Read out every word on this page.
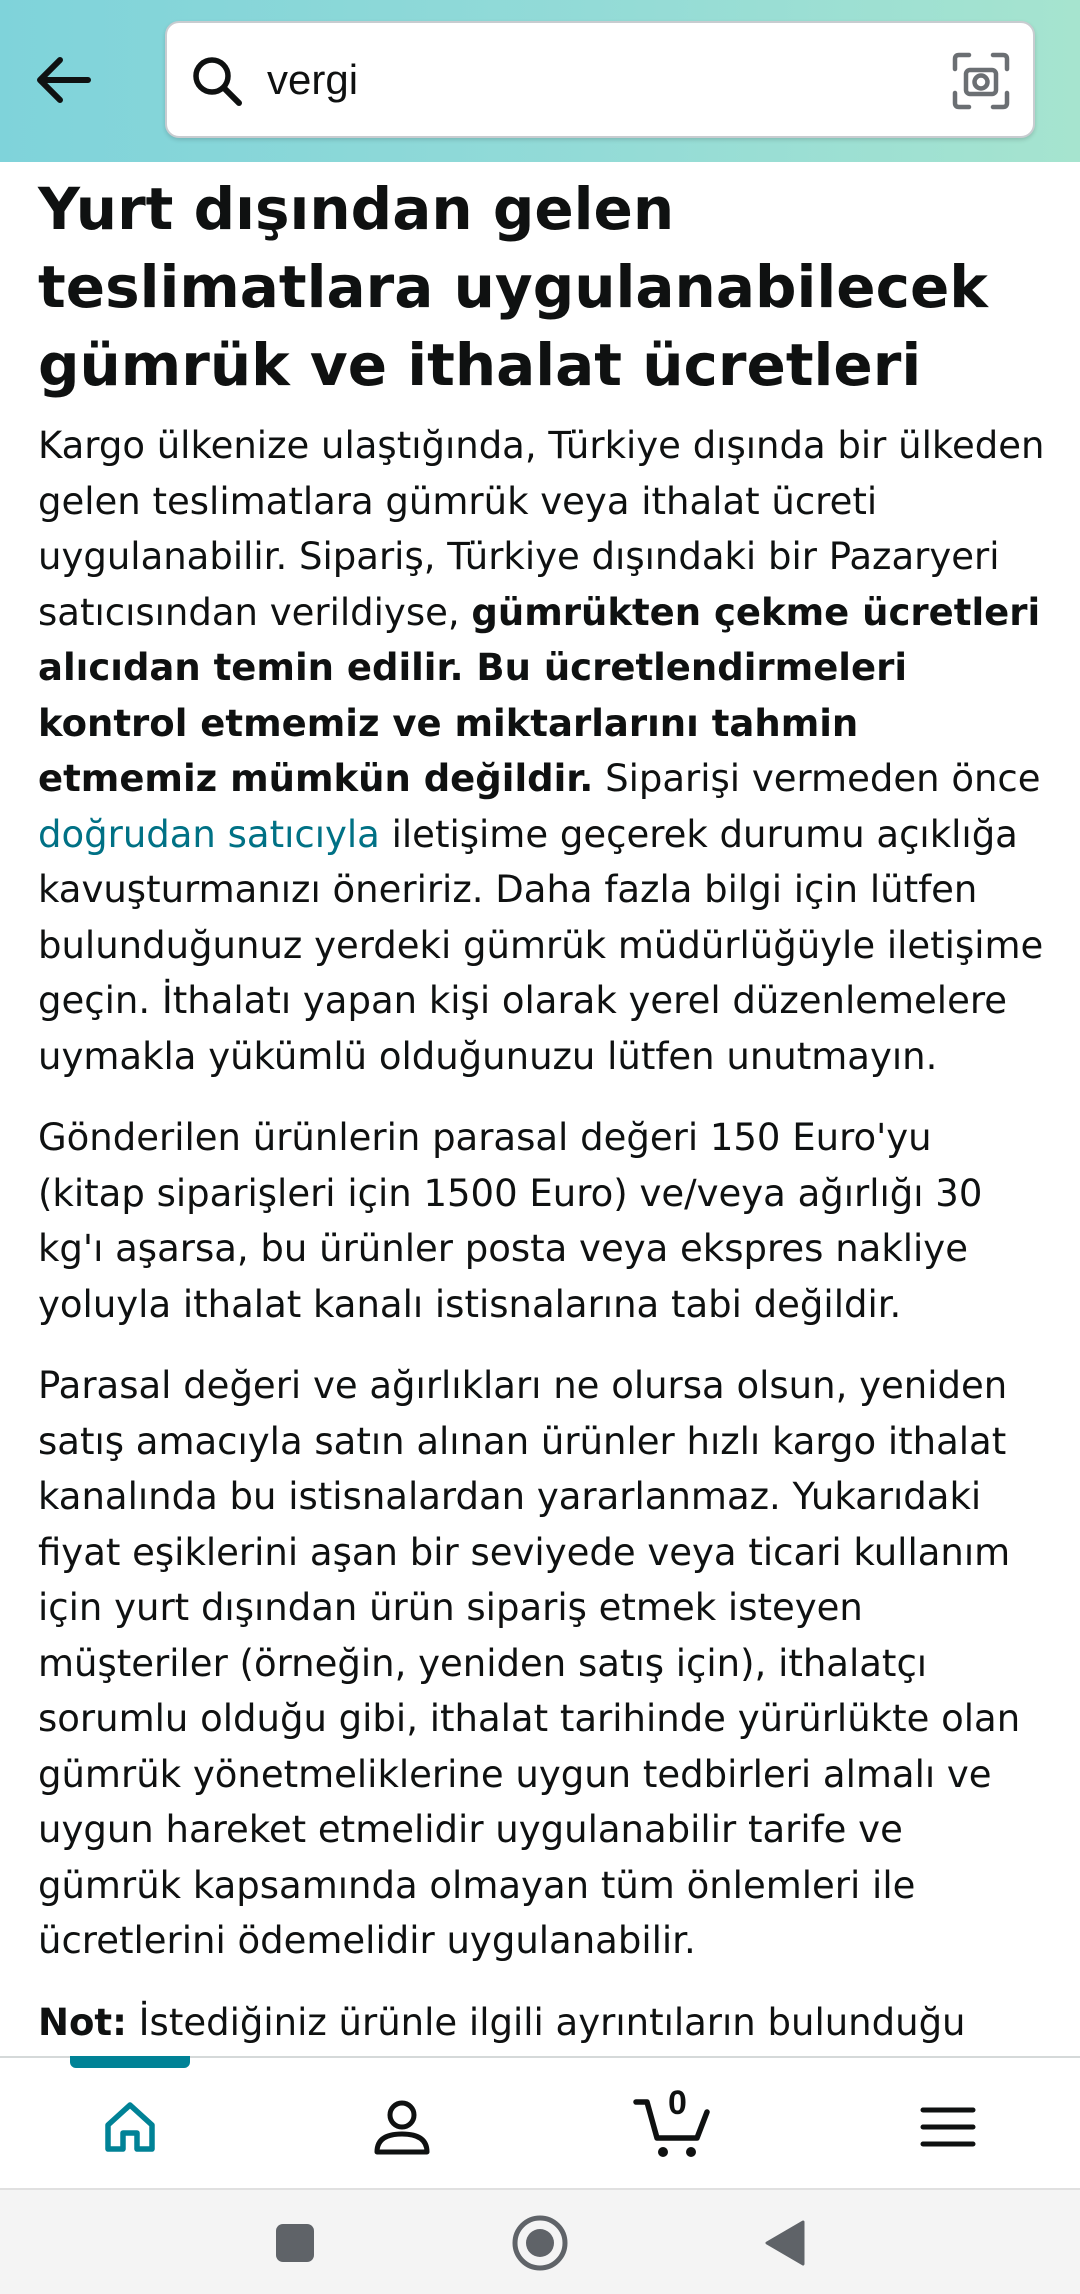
vergi
Yurt dışından gelen teslimatlara uygulanabilecek gümrük ve ithalat ücretleri

Kargo ülkenize ulaştığında, Türkiye dışında bir ülkeden gelen teslimatlara gümrük veya ithalat ücreti uygulanabilir. Sipariş, Türkiye dışındaki bir Pazaryeri satıcısından verildiyse, gümrükten çekme ücretleri alıcıdan temin edilir. Bu ücretlendirmeleri kontrol etmemiz ve miktarlarını tahmin etmemiz mümkün değildir. Siparişi vermeden önce doğrudan satıcıyla iletişime geçerek durumu açıklığa kavuşturmanızı öneririz. Daha fazla bilgi için lütfen bulunduğunuz yerdeki gümrük müdürlüğüyle iletişime geçin. İthalatı yapan kişi olarak yerel düzenlemelere uymakla yükümlü olduğunuzu lütfen unutmayın.

Gönderilen ürünlerin parasal değeri 150 Euro'yu (kitap siparişleri için 1500 Euro) ve/veya ağırlığı 30 kg'ı aşarsa, bu ürünler posta veya ekspres nakliye yoluyla ithalat kanalı istisnalarına tabi değildir.

Parasal değeri ve ağırlıkları ne olursa olsun, yeniden satış amacıyla satın alınan ürünler hızlı kargo ithalat kanalında bu istisnalardan yararlanmaz. Yukarıdaki fiyat eşiklerini aşan bir seviyede veya ticari kullanım için yurt dışından ürün sipariş etmek isteyen müşteriler (örneğin, yeniden satış için), ithalatçı sorumlu olduğu gibi, ithalat tarihinde yürürlükte olan gümrük yönetmeliklerine uygun tedbirleri almalı ve uygun hareket etmelidir uygulanabilir tarife ve gümrük kapsamında olmayan tüm önlemleri ile ücretlerini ödemelidir uygulanabilir.

Not: İstediğiniz ürünle ilgili ayrıntıların bulunduğu

0
